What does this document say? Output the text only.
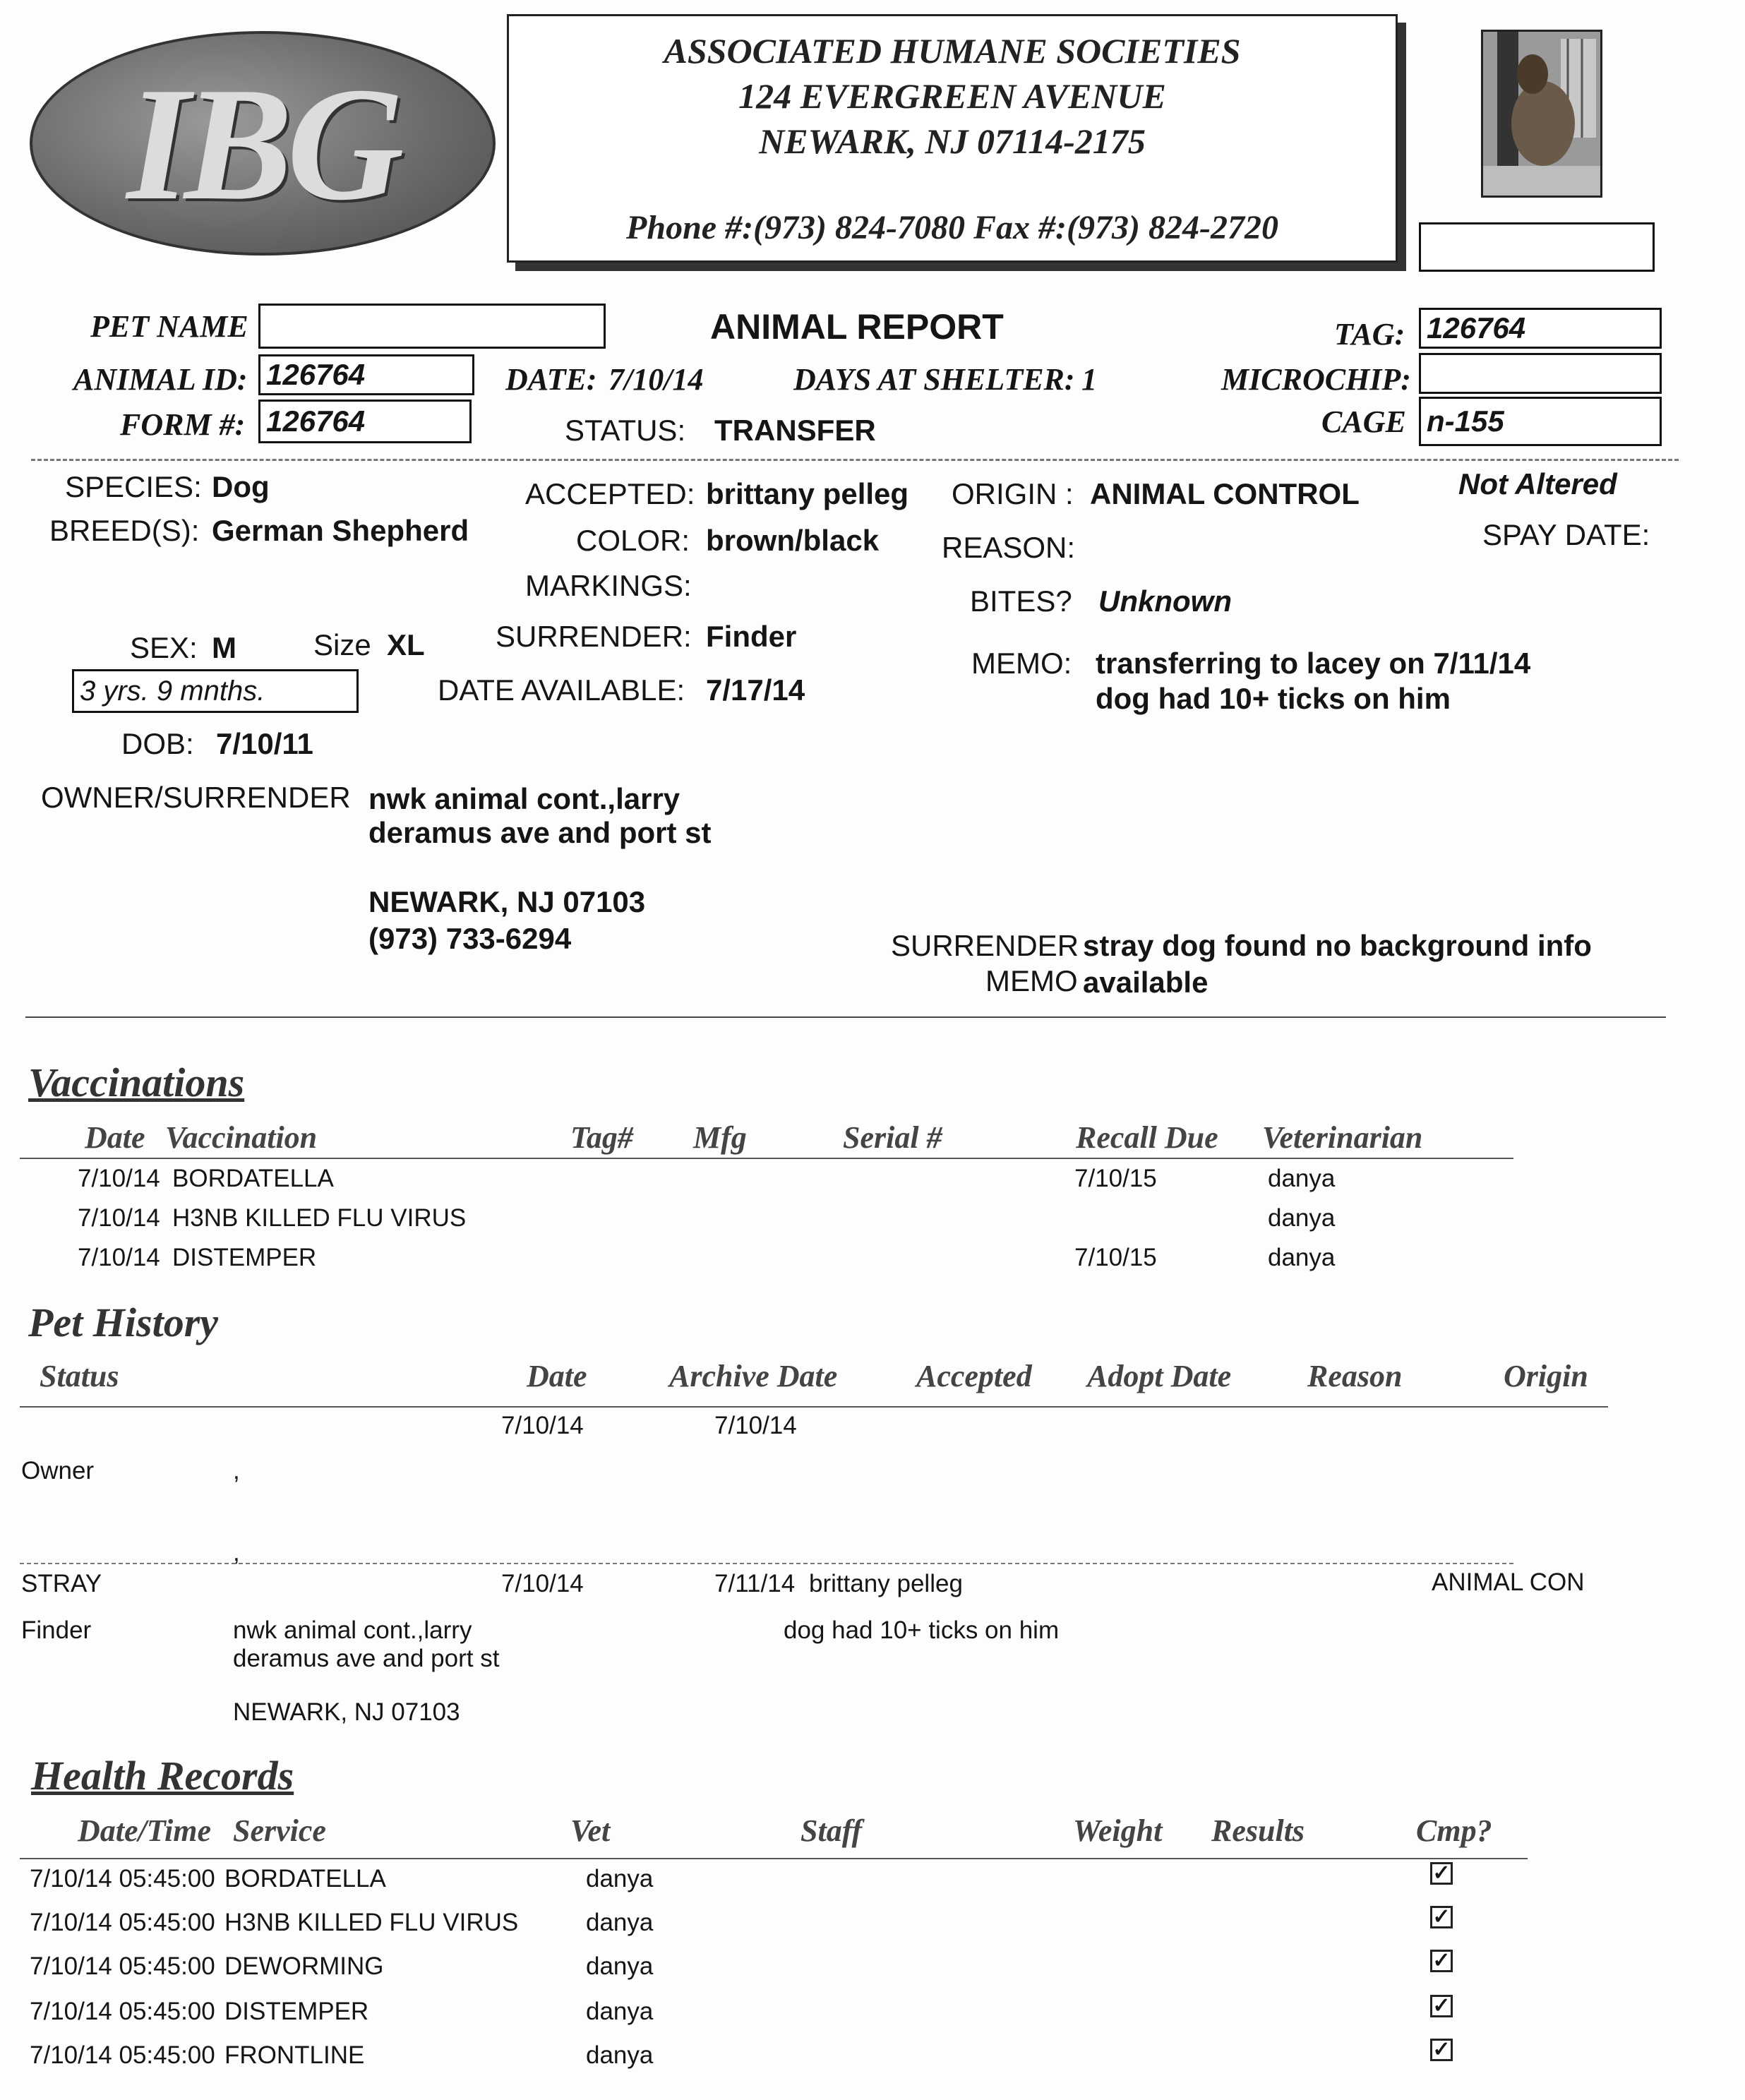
IBG
ASSOCIATED HUMANE SOCIETIES
124 EVERGREEN AVENUE
NEWARK, NJ 07114-2175
Phone #:(973) 824-7080 Fax #:(973) 824-2720
PET NAME	ANIMAL REPORT	TAG: 126764
ANIMAL ID: 126764	DATE: 7/10/14	DAYS AT SHELTER: 1	MICROCHIP:
FORM #: 126764	STATUS: TRANSFER	CAGE n-155
SPECIES: Dog
BREED(S): German Shepherd
ACCEPTED: brittany pelleg
COLOR: brown/black
MARKINGS:
SURRENDER: Finder
DATE AVAILABLE: 7/17/14
ORIGIN : ANIMAL CONTROL
REASON:
BITES? Unknown
MEMO: transferring to lacey on 7/11/14
dog had 10+ ticks on him
Not Altered
SPAY DATE:
SEX: M	Size XL
3 yrs. 9 mnths.
DOB: 7/10/11
OWNER/SURRENDER nwk animal cont.,larry
deramus ave and port st
NEWARK, NJ 07103
(973) 733-6294	SURRENDER
MEMO
stray dog found no background info
available
Vaccinations
Date Vaccination	Tag# Mfg	Serial #	Recall Due Veterinarian
7/10/14 BORDATELLA	7/10/15	danya
7/10/14 H3NB KILLED FLU VIRUS	danya
7/10/14 DISTEMPER	7/10/15	danya
Pet History
Status	Date	Archive Date	Accepted Adopt Date Reason	Origin
7/10/14	7/10/14
Owner	,
,
STRAY	7/10/14	7/11/14 brittany pelleg	ANIMAL CON
Finder	nwk animal cont.,larry
deramus ave and port st
NEWARK, NJ 07103
dog had 10+ ticks on him
Health Records
Date/Time Service	Vet	Staff	Weight Results	Cmp?
7/10/14 05:45:00 BORDATELLA	danya	✓
7/10/14 05:45:00 H3NB KILLED FLU VIRUS	danya	✓
7/10/14 05:45:00 DEWORMING	danya	✓
7/10/14 05:45:00 DISTEMPER	danya	✓
7/10/14 05:45:00 FRONTLINE	danya	✓
